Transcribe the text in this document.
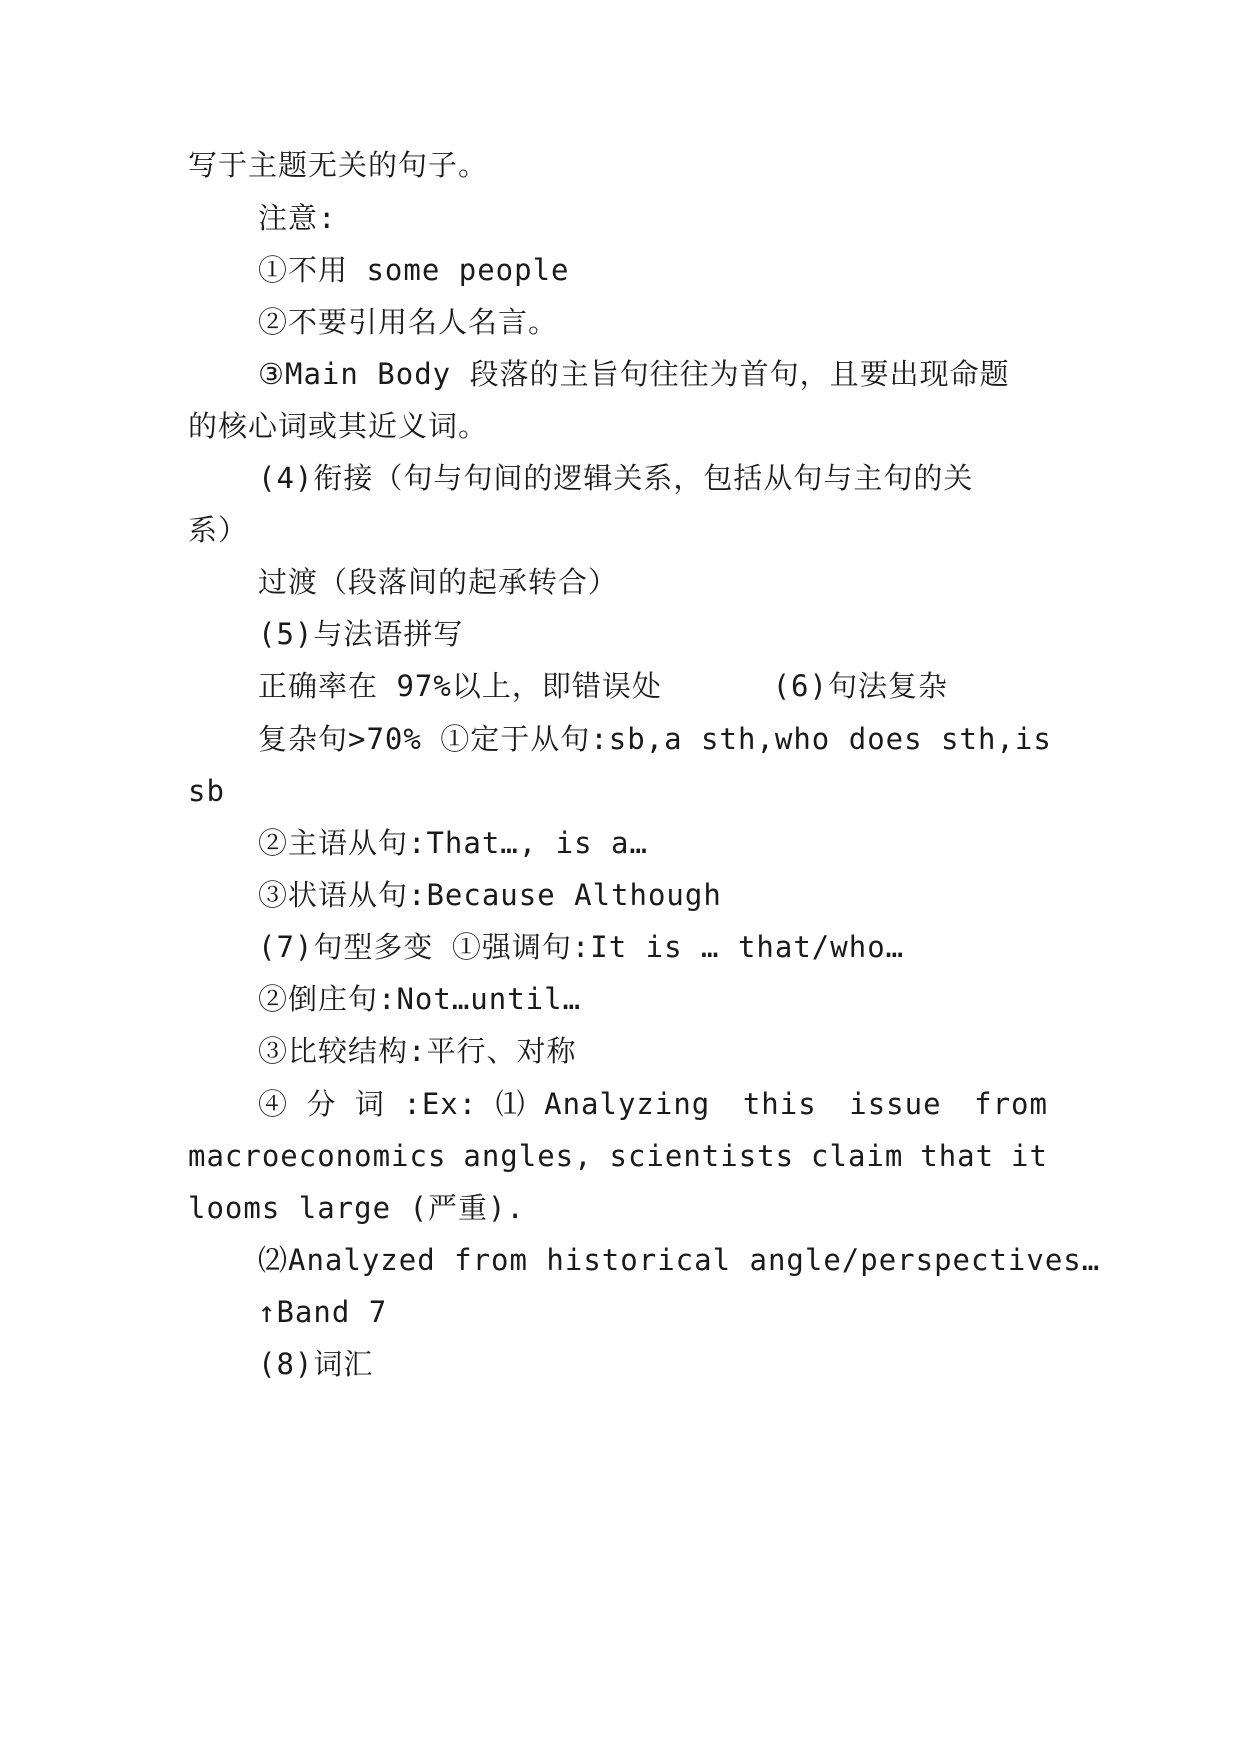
写于主题无关的句子。
注意:
①不用 some people
②不要引用名人名言。
③Main Body 段落的主旨句往往为首句，且要出现命题
的核心词或其近义词。
(4)衔接（句与句间的逻辑关系，包括从句与主句的关
系）
过渡（段落间的起承转合）
(5)与法语拼写
正确率在 97%以上，即错误处      (6)句法复杂
复杂句>70% ①定于从句:sb,a sth,who does sth,is
sb
②主语从句:That…, is a…
③状语从句:Because Although
(7)句型多变 ①强调句:It is … that/who…
②倒庄句:Not…until…
③比较结构:平行、对称
④ 分 词 :Ex: ⑴ Analyzing this issue from
macroeconomics angles, scientists claim that it
looms large (严重).
⑵Analyzed from historical angle/perspectives…
↑Band 7
(8)词汇
